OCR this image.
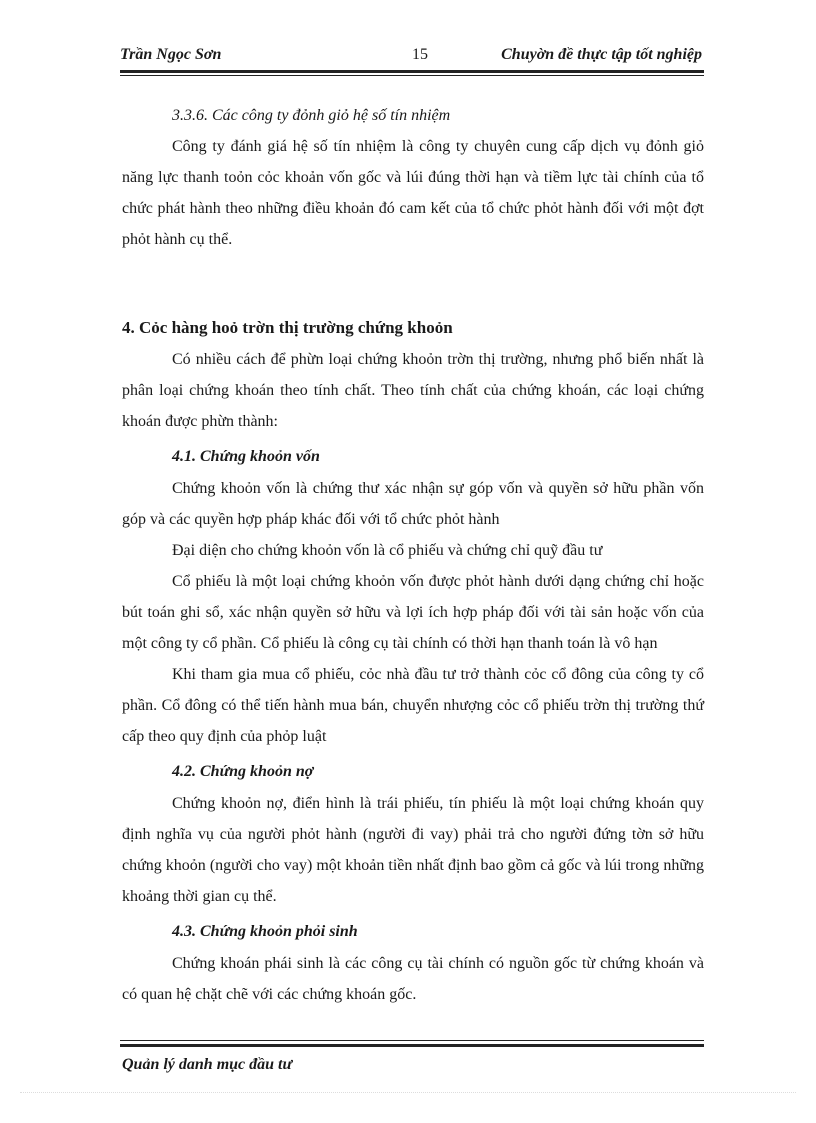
Trần Ngọc Sơn	15	Chuyờn đề thực tập tốt nghiệp

3.3.6. Các công ty đỏnh giỏ hệ số tín nhiệm

Công ty đánh giá hệ số tín nhiệm là công ty chuyên cung cấp dịch vụ đỏnh giỏ năng lực thanh toỏn cỏc khoản vốn gốc và lúi đúng thời hạn và tiềm lực tài chính của tổ chức phát hành theo những điều khoản đó cam kết của tổ chức phỏt hành đối với một đợt phỏt hành cụ thể.

4. Cỏc hàng hoỏ trờn thị trường chứng khoỏn

Có nhiều cách để phừn loại chứng khoỏn trờn thị trường, nhưng phổ biến nhất là phân loại chứng khoán theo tính chất. Theo tính chất của chứng khoán, các loại chứng khoán được phừn thành:

4.1. Chứng khoỏn vốn

Chứng khoỏn vốn là chứng thư xác nhận sự góp vốn và quyền sở hữu phần vốn góp và các quyền hợp pháp khác đối với tổ chức phỏt hành

Đại diện cho chứng khoỏn vốn là cổ phiếu và chứng chỉ quỹ đầu tư

Cổ phiếu là một loại chứng khoỏn vốn được phỏt hành dưới dạng chứng chỉ hoặc bút toán ghi sổ, xác nhận quyền sở hữu và lợi ích hợp pháp đối với tài sản hoặc vốn của một công ty cổ phần. Cổ phiếu là công cụ tài chính có thời hạn thanh toán là vô hạn

Khi tham gia mua cổ phiếu, cỏc nhà đầu tư trở thành cỏc cổ đông của công ty cổ phần. Cổ đông có thể tiến hành mua bán, chuyển nhượng cỏc cổ phiếu trờn thị trường thứ cấp theo quy định của phỏp luật

4.2. Chứng khoỏn nợ

Chứng khoỏn nợ, điển hình là trái phiếu, tín phiếu là một loại chứng khoán quy định nghĩa vụ của người phỏt hành (người đi vay) phải trả cho người đứng tờn sở hữu chứng khoỏn (người cho vay) một khoản tiền nhất định bao gồm cả gốc và lúi trong những khoảng thời gian cụ thể.

4.3. Chứng khoỏn phỏi sinh

Chứng khoán phái sinh là các công cụ tài chính có nguồn gốc từ chứng khoán và có quan hệ chặt chẽ với các chứng khoán gốc.

Quản lý danh mục đầu tư
